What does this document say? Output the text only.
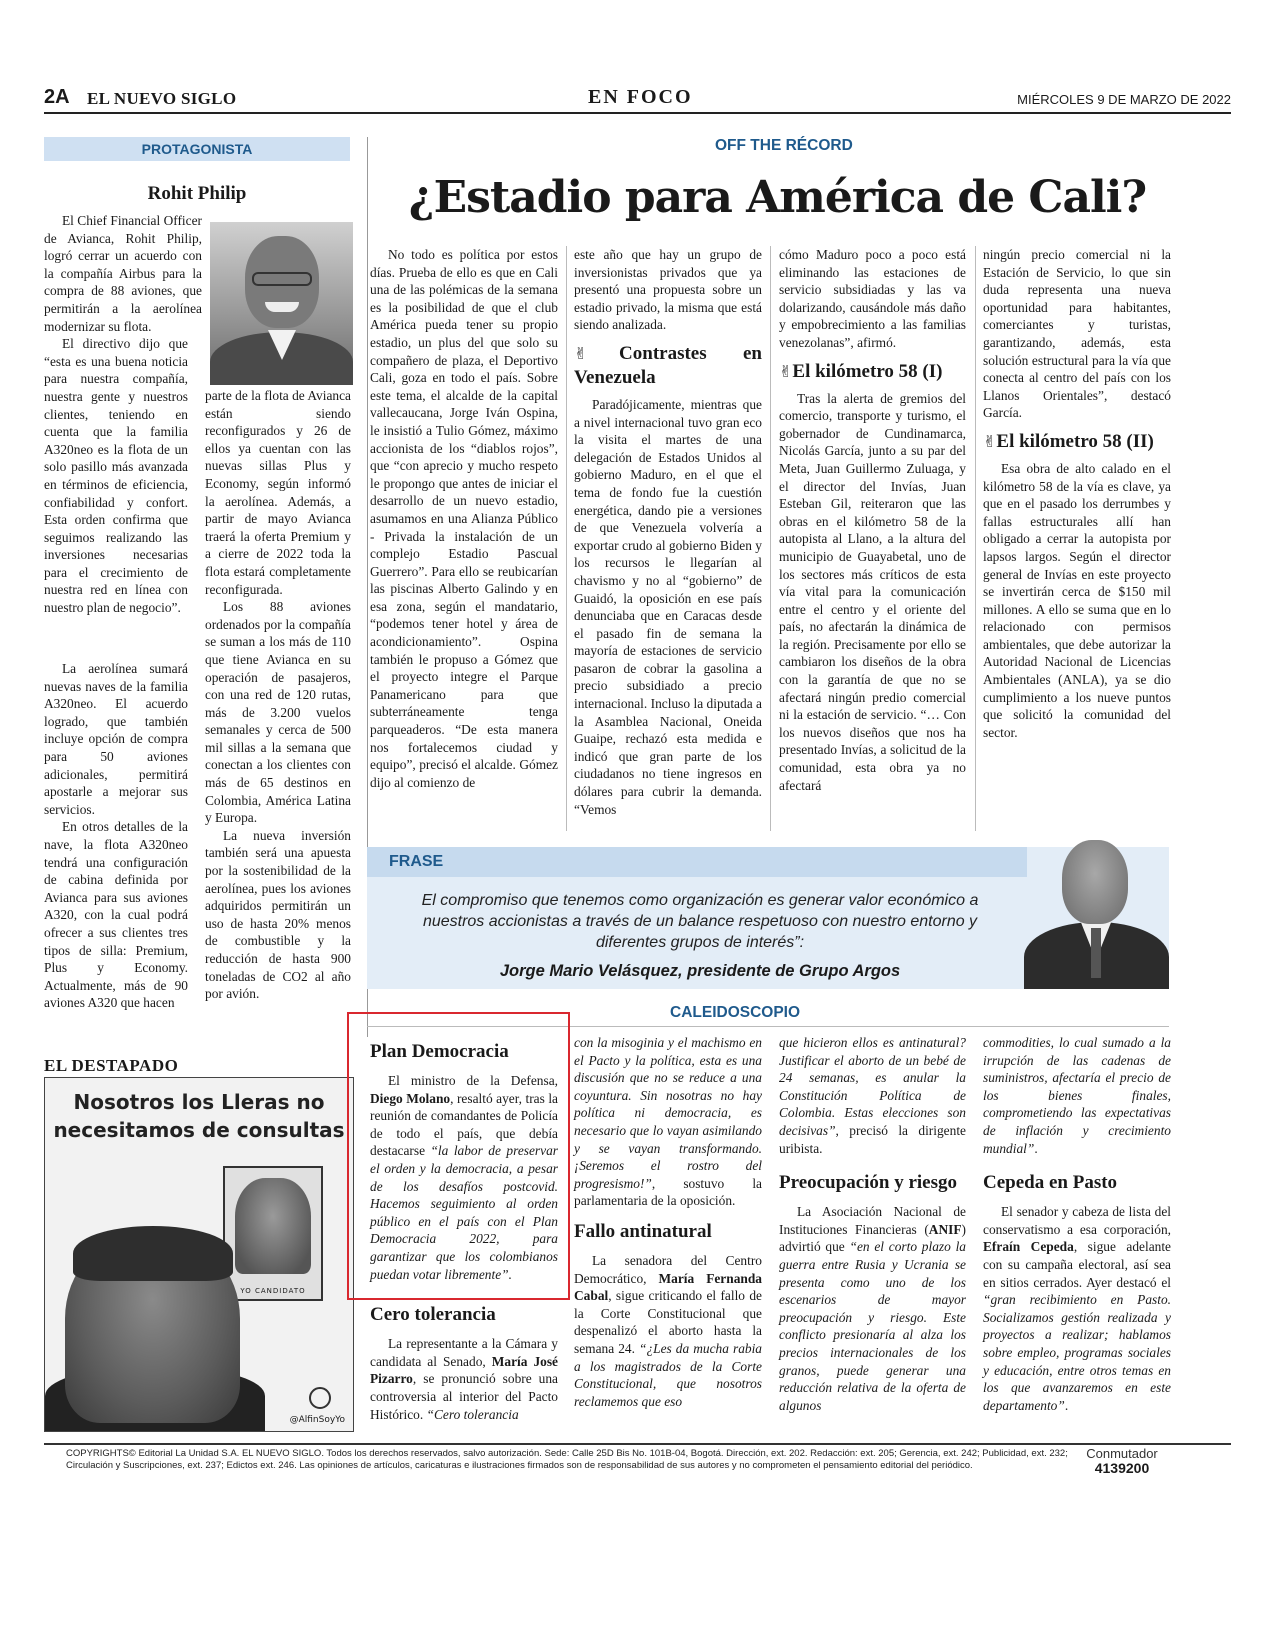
2A EL NUEVO SIGLO	EN FOCO	MIÉRCOLES 9 DE MARZO DE 2022
PROTAGONISTA
Rohit Philip

El Chief Financial Officer de Avianca, Rohit Philip, logró cerrar un acuerdo con la compañía Airbus para la compra de 88 aviones, que permitirán a la aerolínea modernizar su flota.

El directivo dijo que “esta es una buena noticia para nuestra compañía, nuestra gente y nuestros clientes, teniendo en cuenta que la familia A320neo es la flota de un solo pasillo más avanzada en términos de eficiencia, confiabilidad y confort. Esta orden confirma que seguimos realizando las inversiones necesarias para el crecimiento de nuestra red en línea con nuestro plan de negocio”.

La aerolínea sumará nuevas naves de la familia A320neo. El acuerdo logrado, que también incluye opción de compra para 50 aviones adicionales, permitirá apostarle a mejorar sus servicios.

En otros detalles de la nave, la flota A320neo tendrá una configuración de cabina definida por Avianca para sus aviones A320, con la cual podrá ofrecer a sus clientes tres tipos de silla: Premium, Plus y Economy. Actualmente, más de 90 aviones A320 que hacen

parte de la flota de Avianca están siendo reconfigurados y 26 de ellos ya cuentan con las nuevas sillas Plus y Economy, según informó la aerolínea. Además, a partir de mayo Avianca traerá la oferta Premium y a cierre de 2022 toda la flota estará completamente reconfigurada.

Los 88 aviones ordenados por la compañía se suman a los más de 110 que tiene Avianca en su operación de pasajeros, con una red de 120 rutas, más de 3.200 vuelos semanales y cerca de 500 mil sillas a la semana que conectan a los clientes con más de 65 destinos en Colombia, América Latina y Europa.

La nueva inversión también será una apuesta por la sostenibilidad de la aerolínea, pues los aviones adquiridos permitirán un uso de hasta 20% menos de combustible y la reducción de hasta 900 toneladas de CO2 al año por avión.

EL DESTAPADO
Nosotros los Lleras no necesitamos de consultas
YO CANDIDATO
@AlfinSoyYo
OFF THE RÉCORD
¿Estadio para América de Cali?

No todo es política por estos días. Prueba de ello es que en Cali una de las polémicas de la semana es la posibilidad de que el club América pueda tener su propio estadio, un plus del que solo su compañero de plaza, el Deportivo Cali, goza en todo el país. Sobre este tema, el alcalde de la capital vallecaucana, Jorge Iván Ospina, le insistió a Tulio Gómez, máximo accionista de los “diablos rojos”, que “con aprecio y mucho respeto le propongo que antes de iniciar el desarrollo de un nuevo estadio, asumamos en una Alianza Público - Privada la instalación de un complejo Estadio Pascual Guerrero”. Para ello se reubicarían las piscinas Alberto Galindo y en esa zona, según el mandatario, “podemos tener hotel y área de acondicionamiento”. Ospina también le propuso a Gómez que el proyecto integre el Parque Panamericano para que subterráneamente tenga parqueaderos. “De esta manera nos fortalecemos ciudad y equipo”, precisó el alcalde. Gómez dijo al comienzo de

este año que hay un grupo de inversionistas privados que ya presentó una propuesta sobre un estadio privado, la misma que está siendo analizada.

✌Contrastes en Venezuela

Paradójicamente, mientras que a nivel internacional tuvo gran eco la visita el martes de una delegación de Estados Unidos al gobierno Maduro, en el que el tema de fondo fue la cuestión energética, dando pie a versiones de que Venezuela volvería a exportar crudo al gobierno Biden y los recursos le llegarían al chavismo y no al “gobierno” de Guaidó, la oposición en ese país denunciaba que en Caracas desde el pasado fin de semana la mayoría de estaciones de servicio pasaron de cobrar la gasolina a precio subsidiado a precio internacional. Incluso la diputada a la Asamblea Nacional, Oneida Guaipe, rechazó esta medida e indicó que gran parte de los ciudadanos no tiene ingresos en dólares para cubrir la demanda. “Vemos

cómo Maduro poco a poco está eliminando las estaciones de servicio subsidiadas y las va dolarizando, causándole más daño y empobrecimiento a las familias venezolanas”, afirmó.

✌El kilómetro 58 (I)

Tras la alerta de gremios del comercio, transporte y turismo, el gobernador de Cundinamarca, Nicolás García, junto a su par del Meta, Juan Guillermo Zuluaga, y el director del Invías, Juan Esteban Gil, reiteraron que las obras en el kilómetro 58 de la autopista al Llano, a la altura del municipio de Guayabetal, uno de los sectores más críticos de esta vía vital para la comunicación entre el centro y el oriente del país, no afectarán la dinámica de la región. Precisamente por ello se cambiaron los diseños de la obra con la garantía de que no se afectará ningún predio comercial ni la estación de servicio. “… Con los nuevos diseños que nos ha presentado Invías, a solicitud de la comunidad, esta obra ya no afectará

ningún precio comercial ni la Estación de Servicio, lo que sin duda representa una nueva oportunidad para habitantes, comerciantes y turistas, garantizando, además, esta solución estructural para la vía que conecta al centro del país con los Llanos Orientales”, destacó García.

✌El kilómetro 58 (II)

Esa obra de alto calado en el kilómetro 58 de la vía es clave, ya que en el pasado los derrumbes y fallas estructurales allí han obligado a cerrar la autopista por lapsos largos. Según el director general de Invías en este proyecto se invertirán cerca de $150 mil millones. A ello se suma que en lo relacionado con permisos ambientales, que debe autorizar la Autoridad Nacional de Licencias Ambientales (ANLA), ya se dio cumplimiento a los nueve puntos que solicitó la comunidad del sector.

FRASE
El compromiso que tenemos como organización es generar valor económico a nuestros accionistas a través de un balance respetuoso con nuestro entorno y diferentes grupos de interés”:
Jorge Mario Velásquez, presidente de Grupo Argos
CALEIDOSCOPIO
Plan Democracia

El ministro de la Defensa, Diego Molano, resaltó ayer, tras la reunión de comandantes de Policía de todo el país, que debía destacarse “la labor de preservar el orden y la democracia, a pesar de los desafíos postcovid. Hacemos seguimiento al orden público en el país con el Plan Democracia 2022, para garantizar que los colombianos puedan votar libremente”.

Cero tolerancia

La representante a la Cámara y candidata al Senado, María José Pizarro, se pronunció sobre una controversia al interior del Pacto Histórico. “Cero tolerancia

con la misoginia y el machismo en el Pacto y la política, esta es una discusión que no se reduce a una coyuntura. Sin nosotras no hay política ni democracia, es necesario que lo vayan asimilando y se vayan transformando. ¡Seremos el rostro del progresismo!”, sostuvo la parlamentaria de la oposición.

Fallo antinatural

La senadora del Centro Democrático, María Fernanda Cabal, sigue criticando el fallo de la Corte Constitucional que despenalizó el aborto hasta la semana 24. “¿Les da mucha rabia a los magistrados de la Corte Constitucional, que nosotros reclamemos que eso

que hicieron ellos es antinatural? Justificar el aborto de un bebé de 24 semanas, es anular la Constitución Política de Colombia. Estas elecciones son decisivas”, precisó la dirigente uribista.

Preocupación y riesgo

La Asociación Nacional de Instituciones Financieras (ANIF) advirtió que “en el corto plazo la guerra entre Rusia y Ucrania se presenta como uno de los escenarios de mayor preocupación y riesgo. Este conflicto presionaría al alza los precios internacionales de los granos, puede generar una reducción relativa de la oferta de algunos

commodities, lo cual sumado a la irrupción de las cadenas de suministros, afectaría el precio de los bienes finales, comprometiendo las expectativas de inflación y crecimiento mundial”.

Cepeda en Pasto

El senador y cabeza de lista del conservatismo a esa corporación, Efraín Cepeda, sigue adelante con su campaña electoral, así sea en sitios cerrados. Ayer destacó el “gran recibimiento en Pasto. Socializamos gestión realizada y proyectos a realizar; hablamos sobre empleo, programas sociales y educación, entre otros temas en los que avanzaremos en este departamento”.

COPYRIGHTS© Editorial La Unidad S.A. EL NUEVO SIGLO. Todos los derechos reservados, salvo autorización. Sede: Calle 25D Bis No. 101B-04, Bogotá. Dirección, ext. 202. Redacción: ext. 205; Gerencia, ext. 242; Publicidad, ext. 232; Circulación y Suscripciones, ext. 237; Edictos ext. 246. Las opiniones de artículos, caricaturas e ilustraciones firmados son de responsabilidad de sus autores y no comprometen el pensamiento editorial del periódico.
Conmutador
4139200
